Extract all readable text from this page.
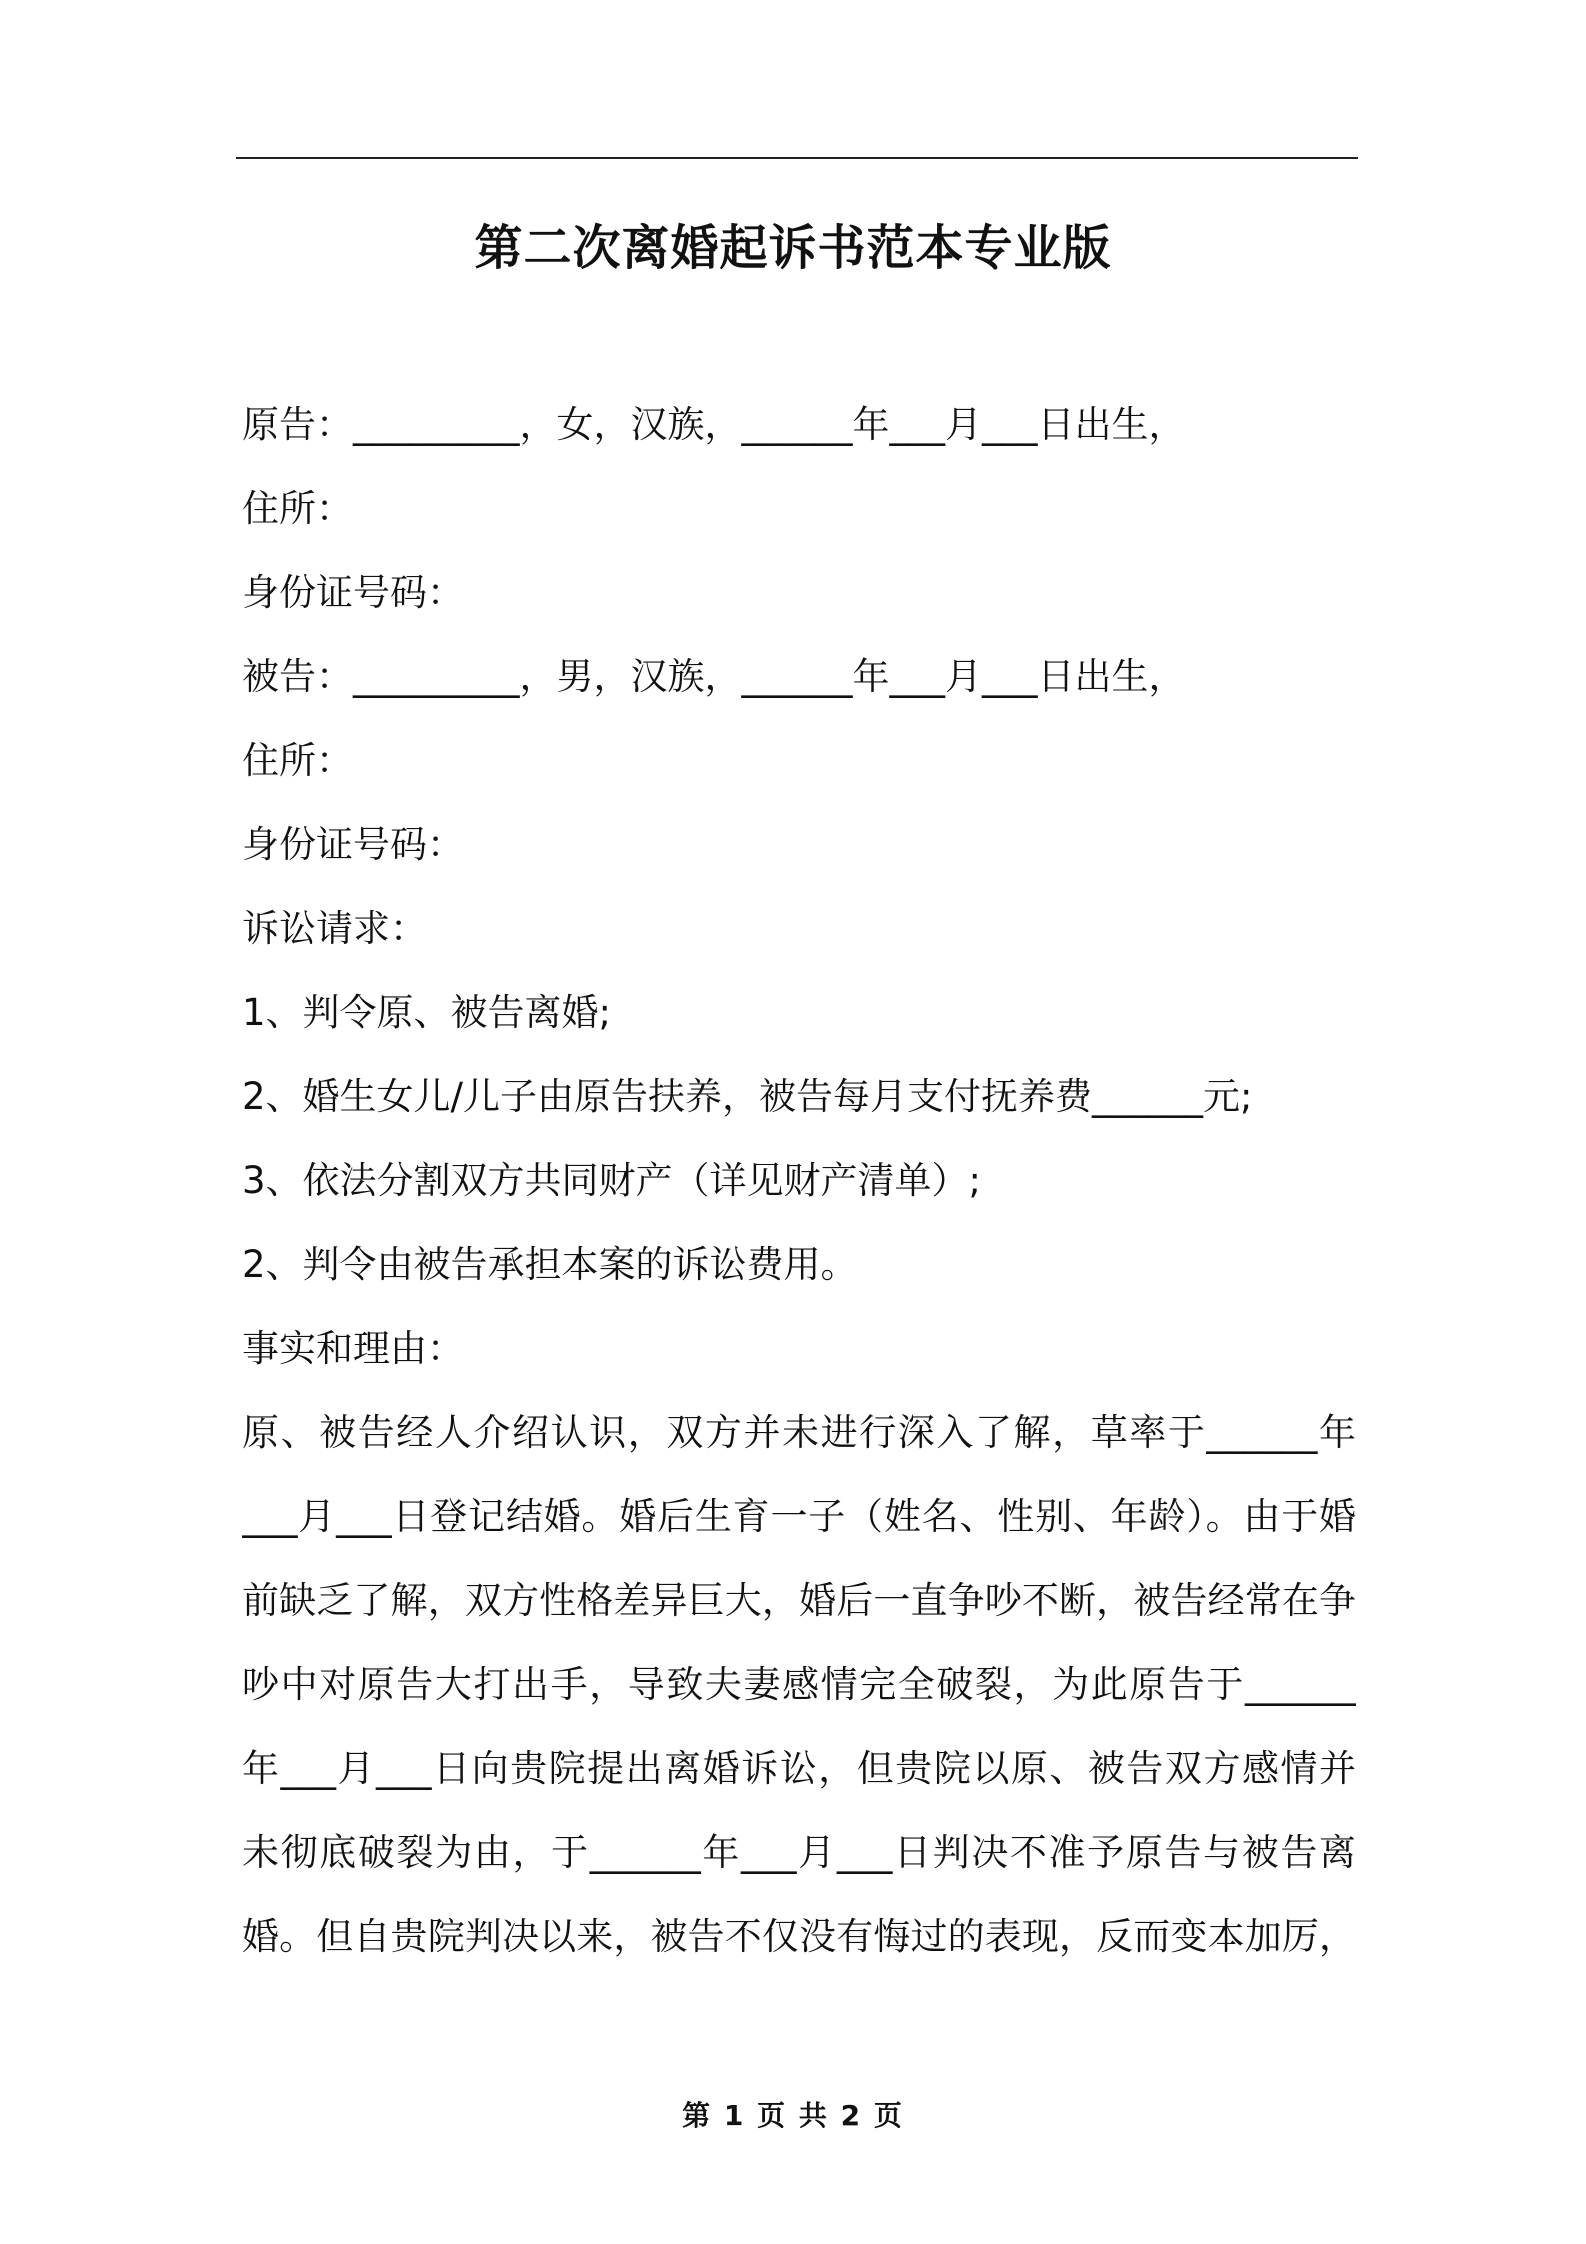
第二次离婚起诉书范本专业版
原告：_________，女，汉族，______年___月___日出生，
住所：
身份证号码：
被告：_________，男，汉族，______年___月___日出生，
住所：
身份证号码：
诉讼请求：
1、判令原、被告离婚;
2、婚生女儿/儿子由原告扶养，被告每月支付抚养费______元;
3、依法分割双方共同财产（详见财产清单）;
2、判令由被告承担本案的诉讼费用。
事实和理由：
原、被告经人介绍认识，双方并未进行深入了解，草率于______年
___月___日登记结婚。婚后生育一子（姓名、性别、年龄）。由于婚
前缺乏了解，双方性格差异巨大，婚后一直争吵不断，被告经常在争
吵中对原告大打出手，导致夫妻感情完全破裂，为此原告于______
年___月___日向贵院提出离婚诉讼，但贵院以原、被告双方感情并
未彻底破裂为由，于______年___月___日判决不准予原告与被告离
婚。但自贵院判决以来，被告不仅没有悔过的表现，反而变本加厉，
第 1 页 共 2 页
